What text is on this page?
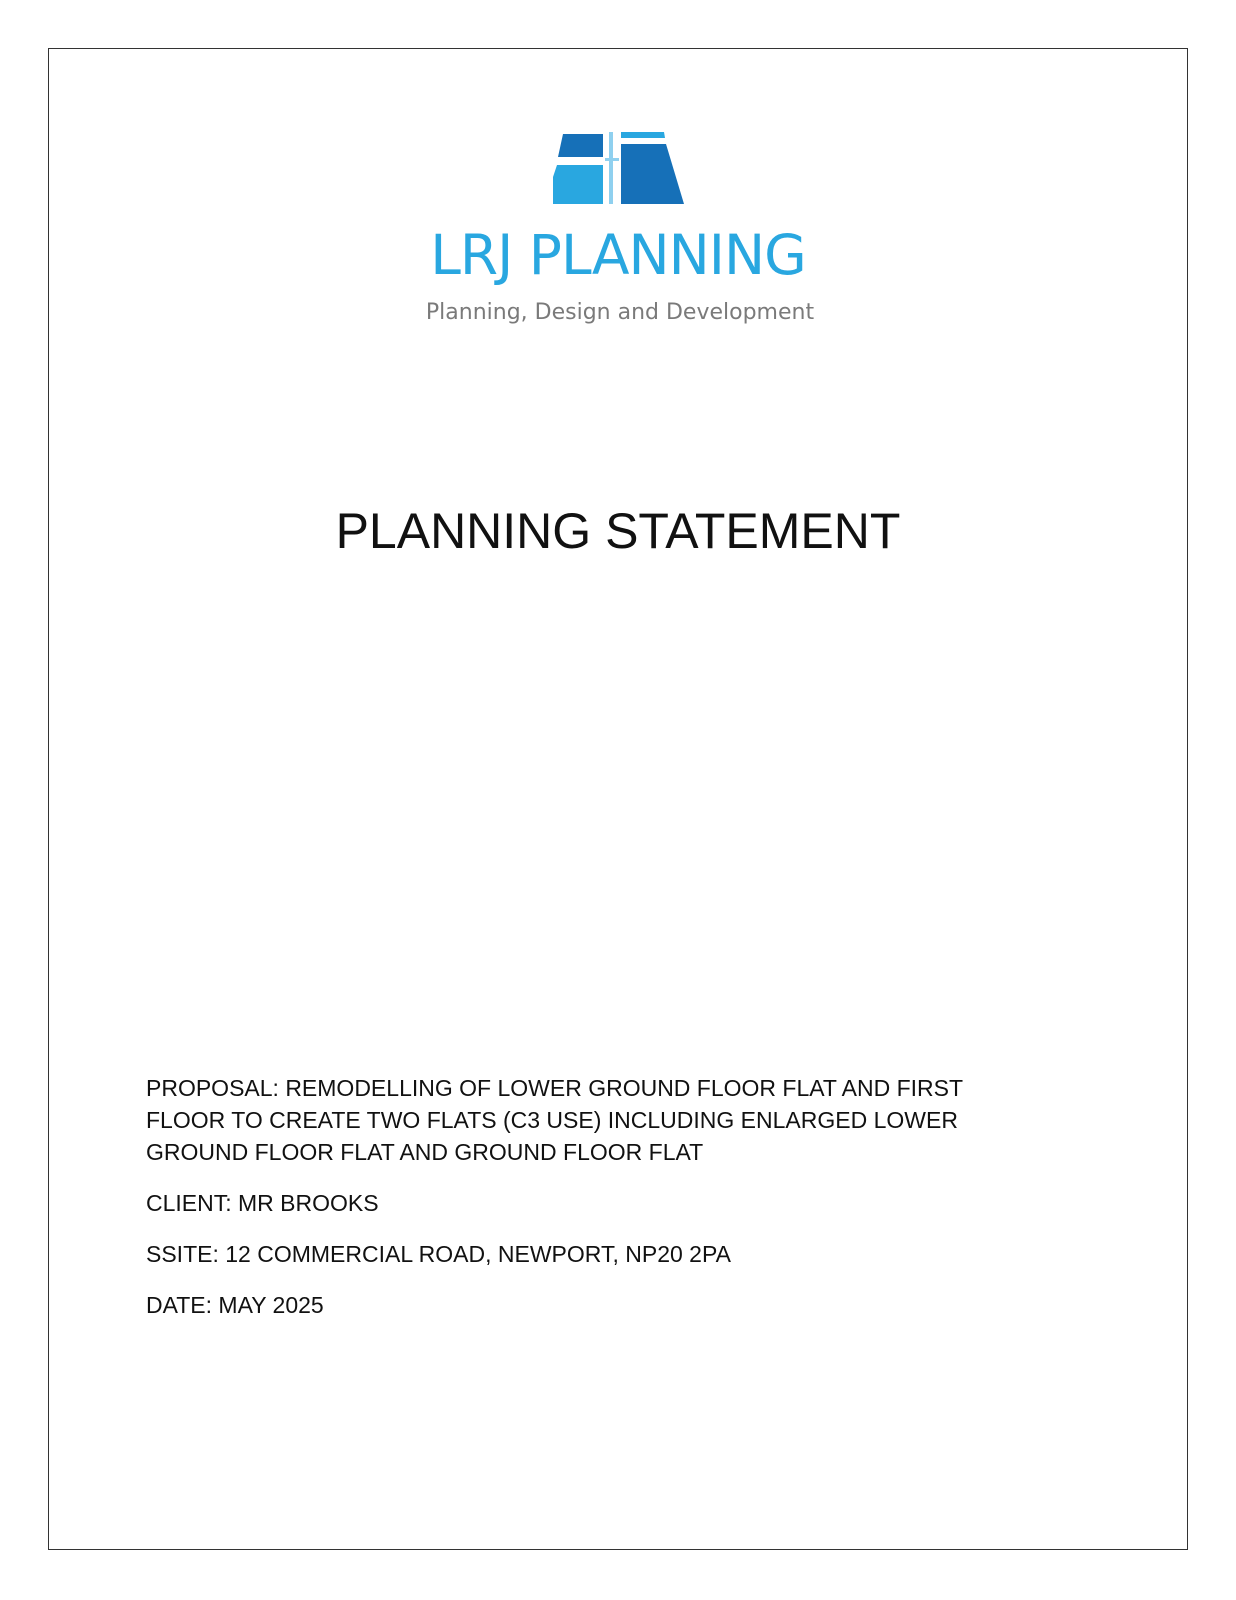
LRJ PLANNING
Planning, Design and Development
PLANNING STATEMENT

PROPOSAL: REMODELLING OF LOWER GROUND FLOOR FLAT AND FIRST FLOOR TO CREATE TWO FLATS (C3 USE) INCLUDING ENLARGED LOWER GROUND FLOOR FLAT AND GROUND FLOOR FLAT

CLIENT: MR BROOKS

SSITE: 12 COMMERCIAL ROAD, NEWPORT, NP20 2PA

DATE: MAY 2025
